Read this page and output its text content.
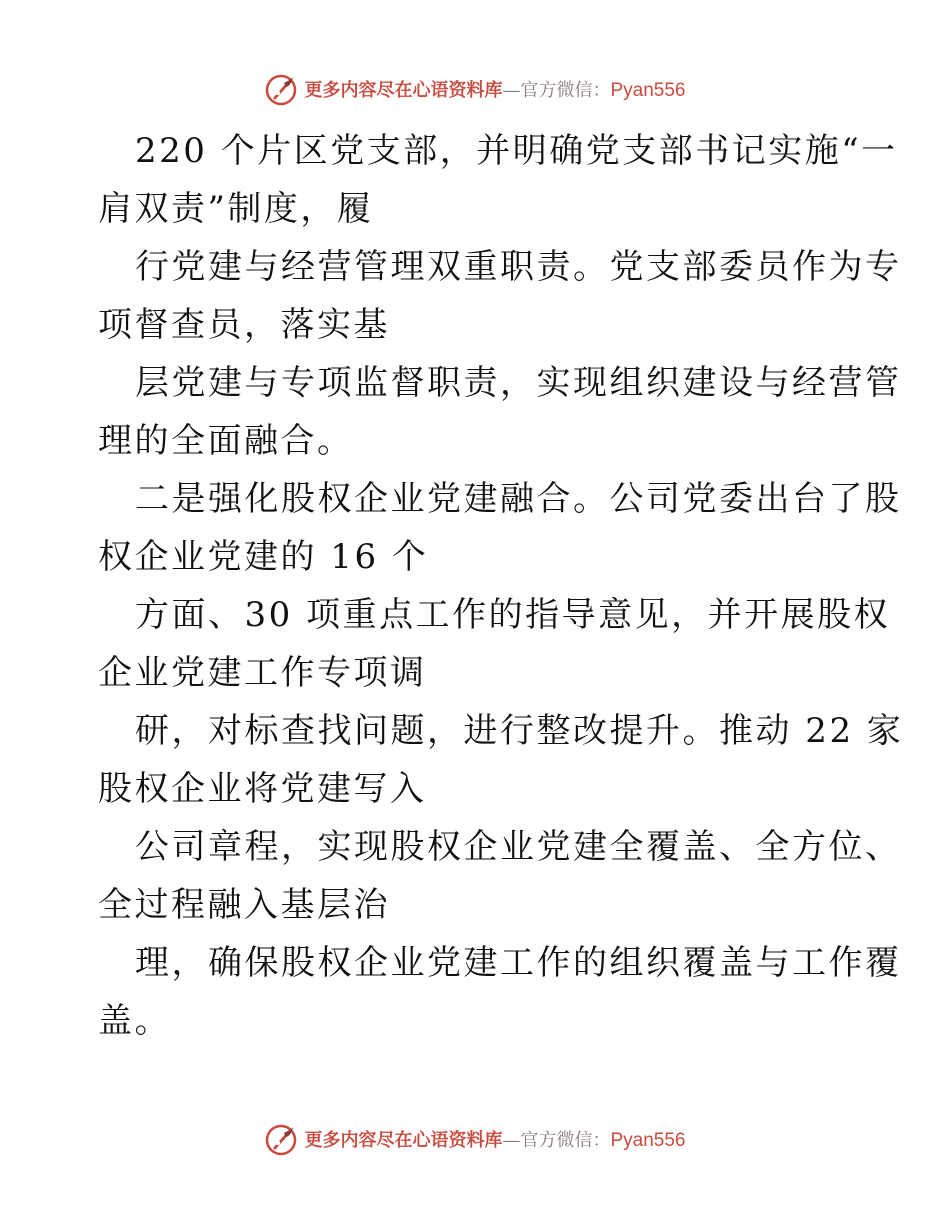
更多内容尽在心语资料库 — 官方微信： Pyan556
220 个片区党支部，并明确党支部书记实施“一
肩双责”制度，履
行党建与经营管理双重职责。党支部委员作为专
项督查员，落实基
层党建与专项监督职责，实现组织建设与经营管
理的全面融合。
二是强化股权企业党建融合。公司党委出台了股
权企业党建的 16 个
方面、30 项重点工作的指导意见，并开展股权
企业党建工作专项调
研，对标查找问题，进行整改提升。推动 22 家
股权企业将党建写入
公司章程，实现股权企业党建全覆盖、全方位、
全过程融入基层治
理，确保股权企业党建工作的组织覆盖与工作覆
盖。
更多内容尽在心语资料库 — 官方微信： Pyan556
